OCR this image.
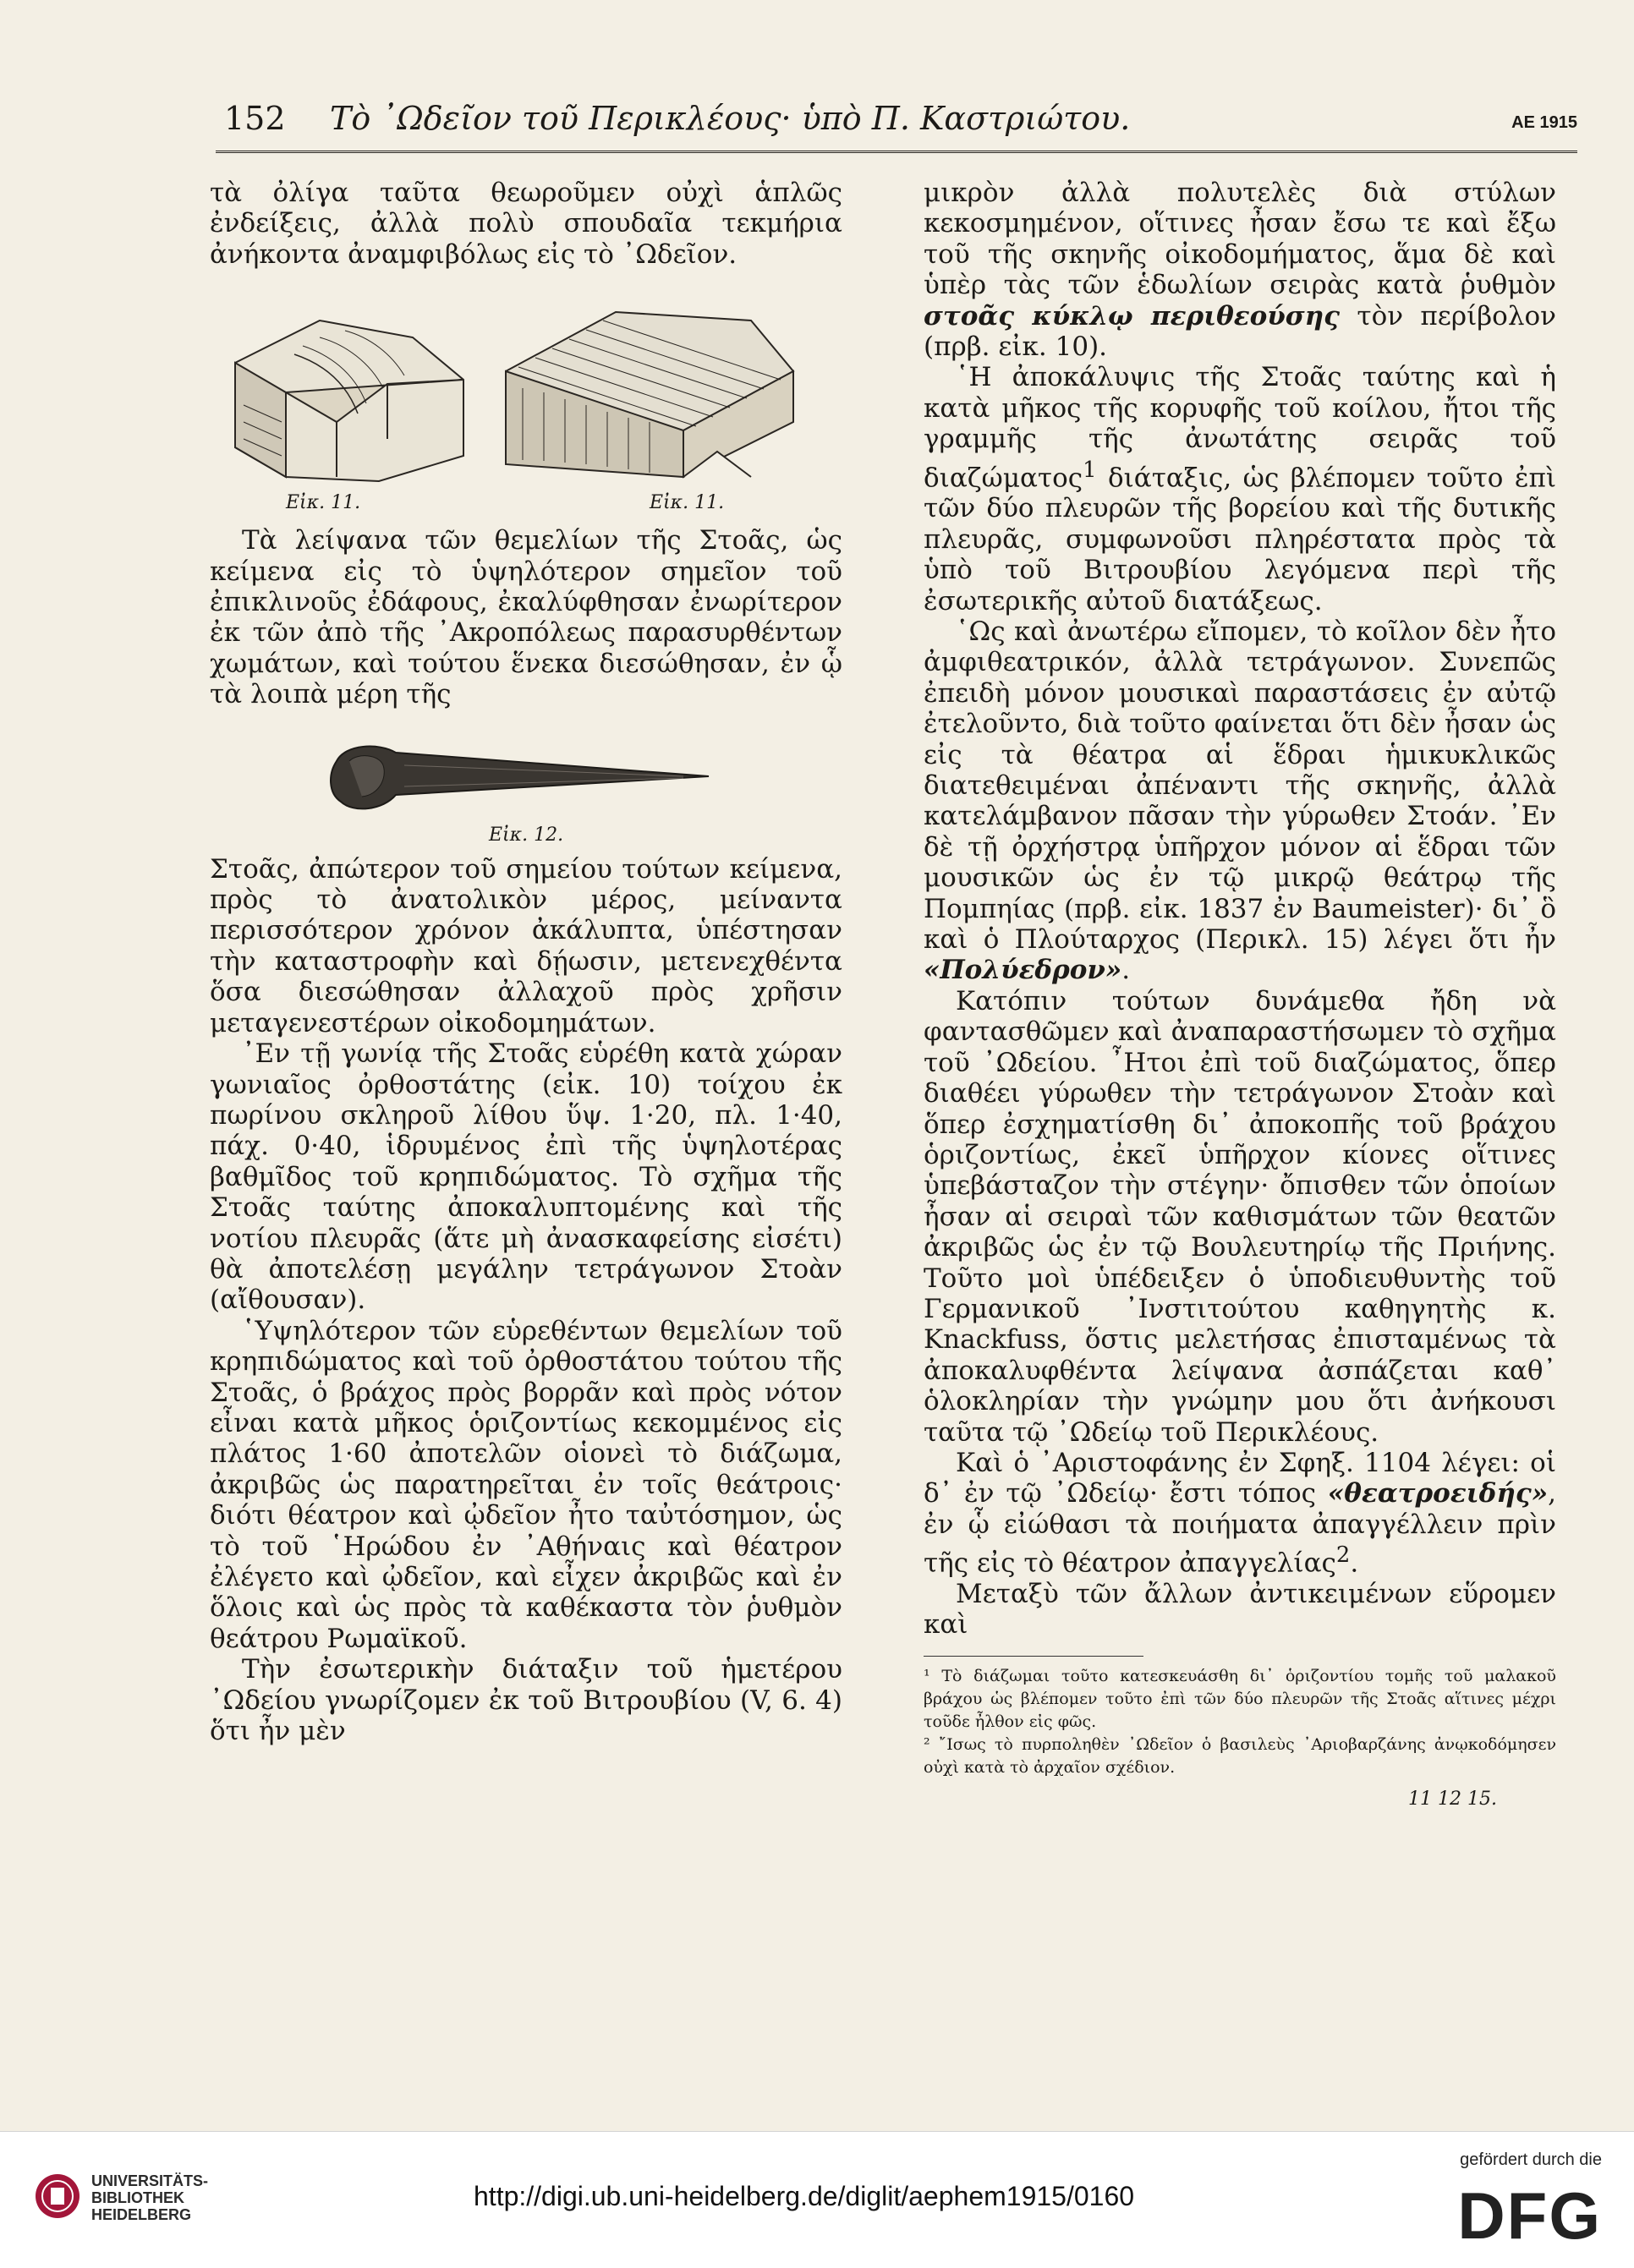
152 Τὸ ᾿Ωδεῖον τοῦ Περικλέους· ὑπὸ Π. Καστριώτου.	ΑΕ 1915

τὰ ὀλίγα ταῦτα θεωροῦμεν οὐχὶ ἁπλῶς ἐνδείξεις, ἀλλὰ πολὺ σπουδαῖα τεκμήρια ἀνήκοντα ἀναμφιβόλως εἰς τὸ ᾿Ωδεῖον.

Εἰκ. 11.	Εἰκ. 11.

Τὰ λείψανα τῶν θεμελίων τῆς Στοᾶς, ὡς κείμενα εἰς τὸ ὑψηλότερον σημεῖον τοῦ ἐπικλινοῦς ἐδάφους, ἐκαλύφθησαν ἐνωρίτερον ἐκ τῶν ἀπὸ τῆς ᾿Ακροπόλεως παρασυρθέντων χωμάτων, καὶ τούτου ἕνεκα διεσώθησαν, ἐν ᾧ τὰ λοιπὰ μέρη τῆς

Εἰκ. 12.

Στοᾶς, ἀπώτερον τοῦ σημείου τούτων κείμενα, πρὸς τὸ ἀνατολικὸν μέρος, μείναντα περισσότερον χρόνον ἀκάλυπτα, ὑπέστησαν τὴν καταστροφὴν καὶ δῄωσιν, μετενεχθέντα ὅσα διεσώθησαν ἀλλαχοῦ πρὸς χρῆσιν μεταγενεστέρων οἰκοδομημάτων.

᾿Εν τῇ γωνίᾳ τῆς Στοᾶς εὑρέθη κατὰ χώραν γωνιαῖος ὀρθοστάτης (εἰκ. 10) τοίχου ἐκ πωρίνου σκληροῦ λίθου ὕψ. 1·20, πλ. 1·40, πάχ. 0·40, ἱδρυμένος ἐπὶ τῆς ὑψηλοτέρας βαθμῖδος τοῦ κρηπιδώματος. Τὸ σχῆμα τῆς Στοᾶς ταύτης ἀποκαλυπτομένης καὶ τῆς νοτίου πλευρᾶς (ἅτε μὴ ἀνασκαφείσης εἰσέτι) θὰ ἀποτελέσῃ μεγάλην τετράγωνον Στοὰν (αἴθουσαν).

῾Υψηλότερον τῶν εὑρεθέντων θεμελίων τοῦ κρηπιδώματος καὶ τοῦ ὀρθοστάτου τούτου τῆς Στοᾶς, ὁ βράχος πρὸς βορρᾶν καὶ πρὸς νότον εἶναι κατὰ μῆκος ὁριζοντίως κεκομμένος εἰς πλάτος 1·60 ἀποτελῶν οἱονεὶ τὸ διάζωμα, ἀκριβῶς ὡς παρατηρεῖται ἐν τοῖς θεάτροις· διότι θέατρον καὶ ᾠδεῖον ἦτο ταὐτόσημον, ὡς τὸ τοῦ ῾Ηρώδου ἐν ᾿Αθήναις καὶ θέατρον ἐλέγετο καὶ ᾠδεῖον, καὶ εἶχεν ἀκριβῶς καὶ ἐν ὅλοις καὶ ὡς πρὸς τὰ καθέκαστα τὸν ῥυθμὸν θεάτρου Ρωμαϊκοῦ.

Τὴν ἐσωτερικὴν διάταξιν τοῦ ἡμετέρου ᾿Ωδείου γνωρίζομεν ἐκ τοῦ Βιτρουβίου (V, 6. 4) ὅτι ἦν μὲν

μικρὸν ἀλλὰ πολυτελὲς διὰ στύλων κεκοσμημένον, οἵτινες ἦσαν ἔσω τε καὶ ἔξω τοῦ τῆς σκηνῆς οἰκοδομήματος, ἅμα δὲ καὶ ὑπὲρ τὰς τῶν ἑδωλίων σειρὰς κατὰ ῥυθμὸν στοᾶς κύκλῳ περιθεούσης τὸν περίβολον (πρβ. εἰκ. 10).

῾Η ἀποκάλυψις τῆς Στοᾶς ταύτης καὶ ἡ κατὰ μῆκος τῆς κορυφῆς τοῦ κοίλου, ἤτοι τῆς γραμμῆς τῆς ἀνωτάτης σειρᾶς τοῦ διαζώματος$^1$ διάταξις, ὡς βλέπομεν τοῦτο ἐπὶ τῶν δύο πλευρῶν τῆς βορείου καὶ τῆς δυτικῆς πλευρᾶς, συμφωνοῦσι πληρέστατα πρὸς τὰ ὑπὸ τοῦ Βιτρουβίου λεγόμενα περὶ τῆς ἐσωτερικῆς αὐτοῦ διατάξεως.

῾Ως καὶ ἀνωτέρω εἴπομεν, τὸ κοῖλον δὲν ἦτο ἀμφιθεατρικόν, ἀλλὰ τετράγωνον. Συνεπῶς ἐπειδὴ μόνον μουσικαὶ παραστάσεις ἐν αὐτῷ ἐτελοῦντο, διὰ τοῦτο φαίνεται ὅτι δὲν ἦσαν ὡς εἰς τὰ θέατρα αἱ ἕδραι ἡμικυκλικῶς διατεθειμέναι ἀπέναντι τῆς σκηνῆς, ἀλλὰ κατελάμβανον πᾶσαν τὴν γύρωθεν Στοάν. ᾿Εν δὲ τῇ ὀρχήστρᾳ ὑπῆρχον μόνον αἱ ἕδραι τῶν μουσικῶν ὡς ἐν τῷ μικρῷ θεάτρῳ τῆς Πομπηίας (πρβ. εἰκ. 1837 ἐν Baumeister)· δι᾿ ὃ καὶ ὁ Πλούταρχος (Περικλ. 15) λέγει ὅτι ἦν «Πολύεδρον».

Κατόπιν τούτων δυνάμεθα ἤδη νὰ φαντασθῶμεν καὶ ἀναπαραστήσωμεν τὸ σχῆμα τοῦ ᾿Ωδείου. ῏Ητοι ἐπὶ τοῦ διαζώματος, ὅπερ διαθέει γύρωθεν τὴν τετράγωνον Στοὰν καὶ ὅπερ ἐσχηματίσθη δι᾿ ἀποκοπῆς τοῦ βράχου ὁριζοντίως, ἐκεῖ ὑπῆρχον κίονες οἵτινες ὑπεβάσταζον τὴν στέγην· ὄπισθεν τῶν ὁποίων ἦσαν αἱ σειραὶ τῶν καθισμάτων τῶν θεατῶν ἀκριβῶς ὡς ἐν τῷ Βουλευτηρίῳ τῆς Πριήνης. Τοῦτο μοὶ ὑπέδειξεν ὁ ὑποδιευθυντὴς τοῦ Γερμανικοῦ ᾿Ινστιτούτου καθηγητὴς κ. Knackfuss, ὅστις μελετήσας ἐπισταμένως τὰ ἀποκαλυφθέντα λείψανα ἀσπάζεται καθ᾿ ὁλοκληρίαν τὴν γνώμην μου ὅτι ἀνήκουσι ταῦτα τῷ ᾿Ωδείῳ τοῦ Περικλέους.

Καὶ ὁ ᾿Αριστοφάνης ἐν Σφηξ. 1104 λέγει: οἱ δ᾿ ἐν τῷ ᾿Ωδείῳ· ἔστι τόπος «θεατροειδής», ἐν ᾧ εἰώθασι τὰ ποιήματα ἀπαγγέλλειν πρὶν τῆς εἰς τὸ θέατρον ἀπαγγελίας$^2$.

Μεταξὺ τῶν ἄλλων ἀντικειμένων εὕρομεν καὶ

¹ Τὸ διάζωμαι τοῦτο κατεσκευάσθη δι᾿ ὁριζοντίου τομῆς τοῦ μαλακοῦ βράχου ὡς βλέπομεν τοῦτο ἐπὶ τῶν δύο πλευρῶν τῆς Στοᾶς αἵτινες μέχρι τοῦδε ἦλθον εἰς φῶς.
² ῎Ισως τὸ πυρποληθὲν ᾿Ωδεῖον ὁ βασιλεὺς ᾿Αριοβαρζάνης ἀνῳκοδόμησεν οὐχὶ κατὰ τὸ ἀρχαῖον σχέδιον.
11 12 15.
UNIVERSITÄTS-
BIBLIOTHEK
HEIDELBERG
http://digi.ub.uni-heidelberg.de/diglit/aephem1915/0160
gefördert durch die
DFG
